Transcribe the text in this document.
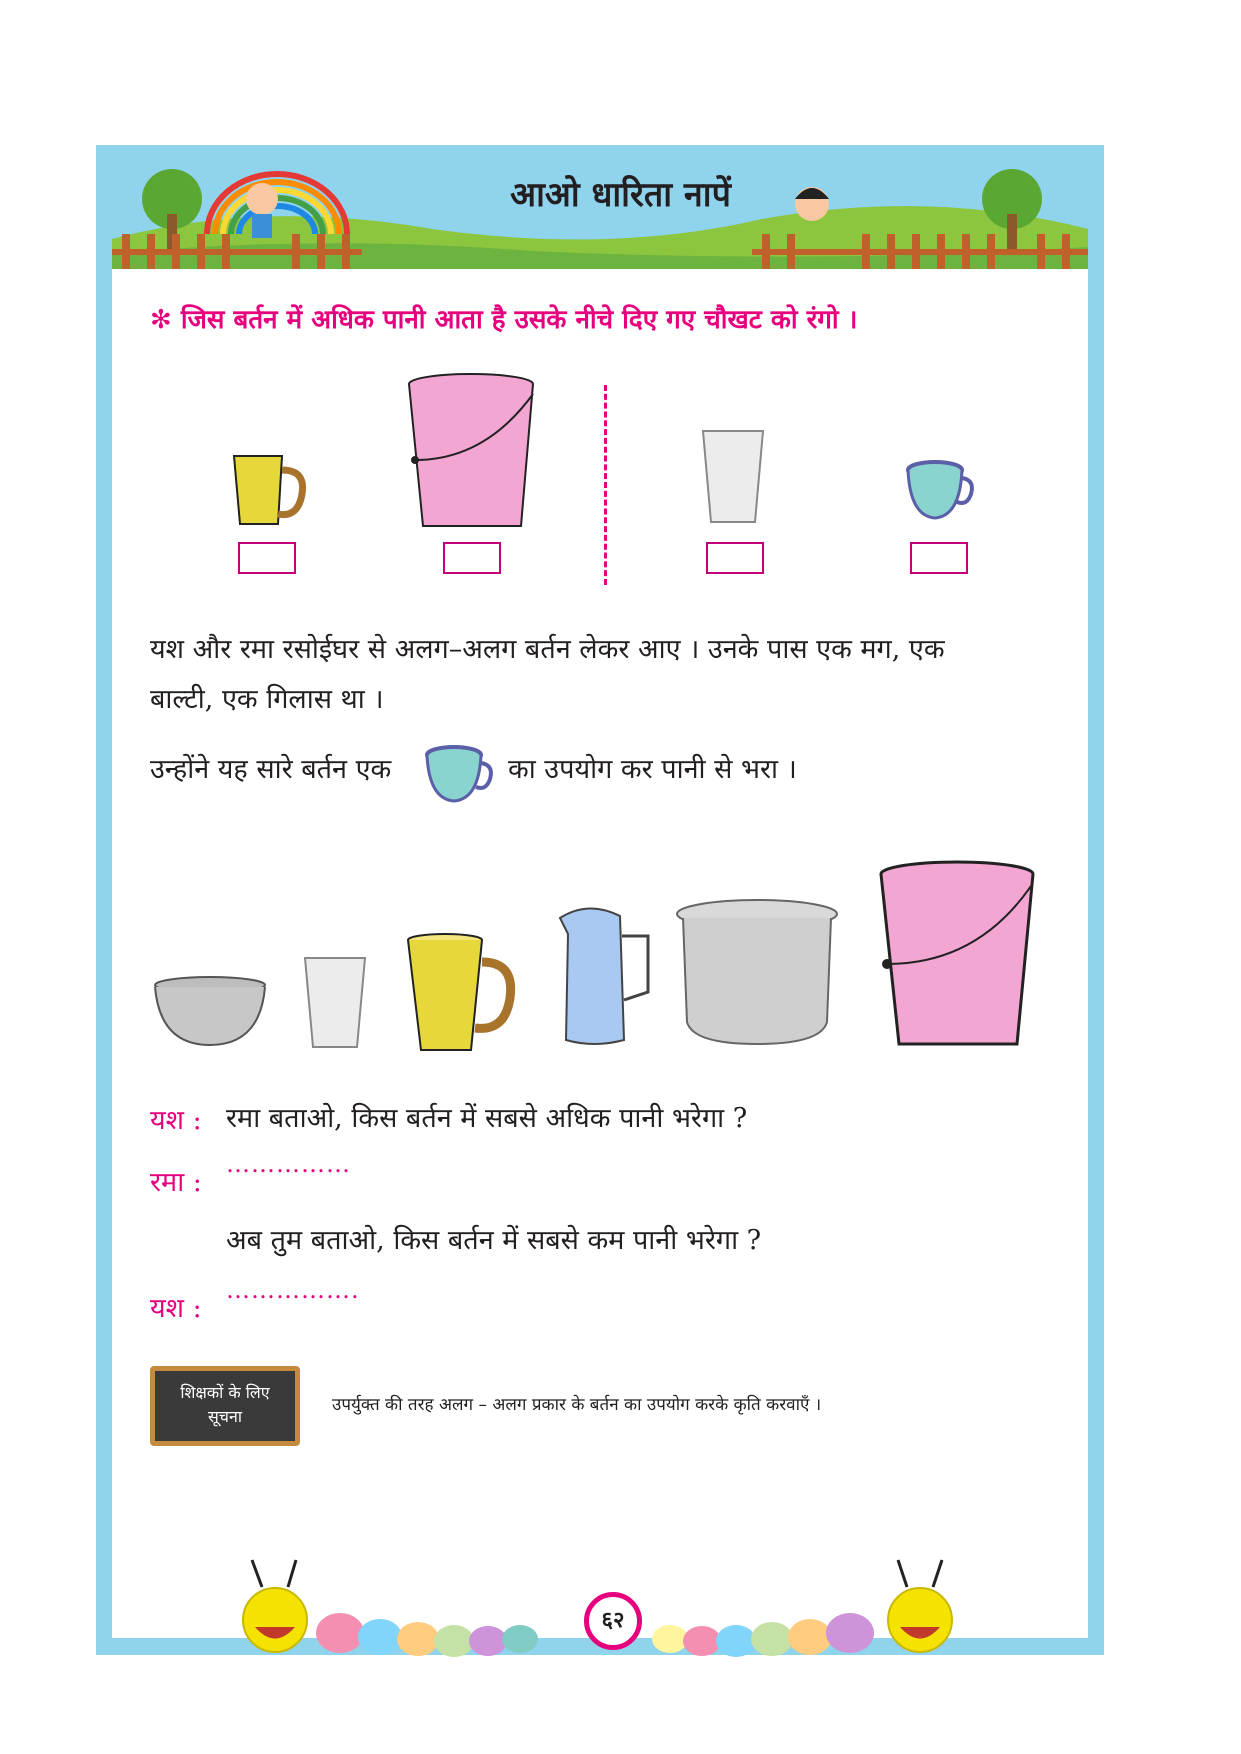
आओ धारिता नापें
✻ जिस बर्तन में अधिक पानी आता है उसके नीचे दिए गए चौखट को रंगो ।
यश और रमा रसोईघर से अलग–अलग बर्तन लेकर आए । उनके पास एक मग, एक
बाल्टी, एक गिलास था ।
उन्होंने यह सारे बर्तन एक	का उपयोग कर पानी से भरा ।
यश : रमा बताओ, किस बर्तन में सबसे अधिक पानी भरेगा ?
रमा :
……………
अब तुम बताओ, किस बर्तन में सबसे कम पानी भरेगा ?
यश :
…………….
शिक्षकों के लिए
सूचना
उपर्युक्त की तरह अलग – अलग प्रकार के बर्तन का उपयोग करके कृति करवाएँ ।
६२
